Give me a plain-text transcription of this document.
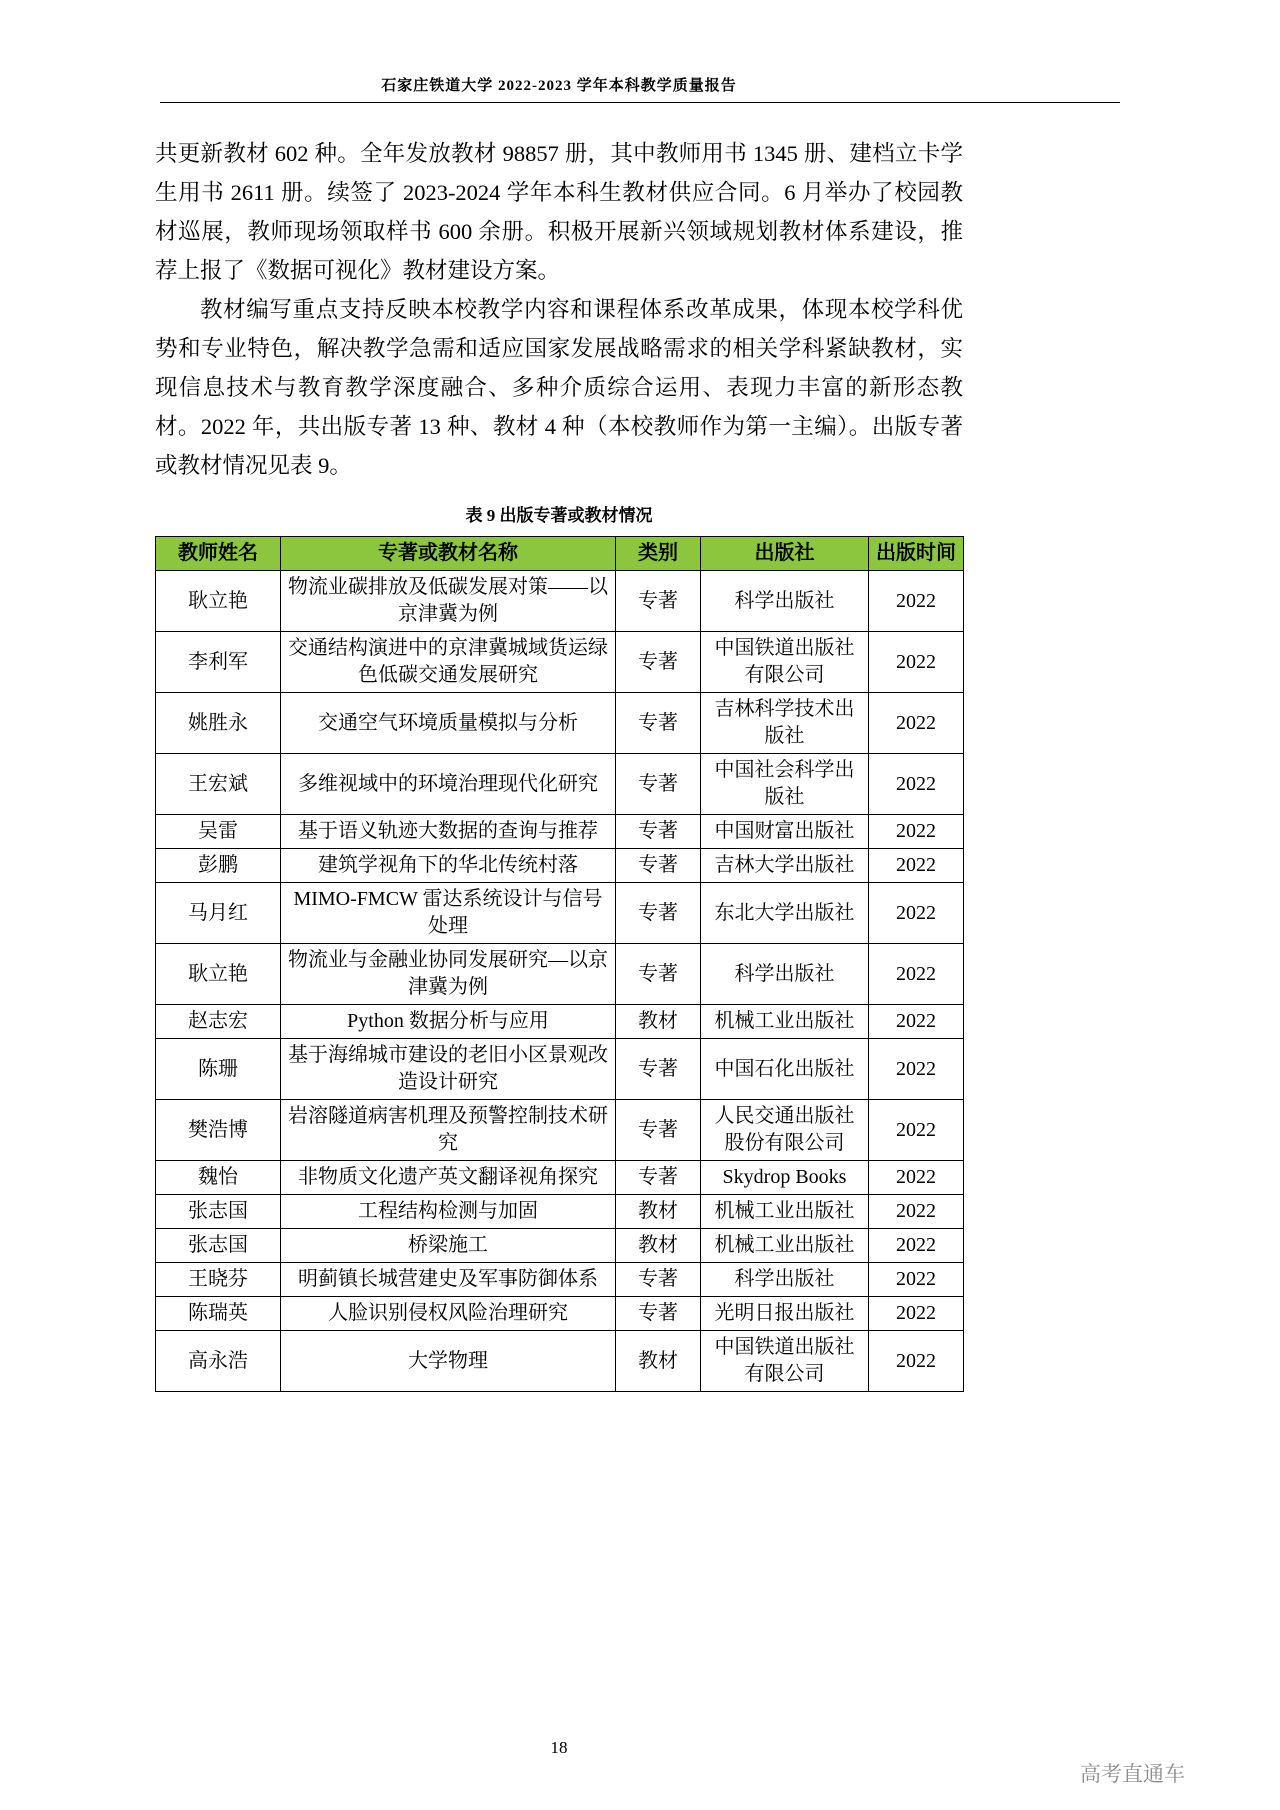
石家庄铁道大学 2022-2023 学年本科教学质量报告

共更新教材 602 种。全年发放教材 98857 册，其中教师用书 1345 册、建档立卡学生用书 2611 册。续签了 2023-2024 学年本科生教材供应合同。6 月举办了校园教材巡展，教师现场领取样书 600 余册。积极开展新兴领域规划教材体系建设，推荐上报了《数据可视化》教材建设方案。

教材编写重点支持反映本校教学内容和课程体系改革成果，体现本校学科优势和专业特色，解决教学急需和适应国家发展战略需求的相关学科紧缺教材，实现信息技术与教育教学深度融合、多种介质综合运用、表现力丰富的新形态教材。2022 年，共出版专著 13 种、教材 4 种（本校教师作为第一主编）。出版专著或教材情况见表 9。

表 9 出版专著或教材情况
教师姓名	专著或教材名称	类别	出版社	出版时间
耿立艳	物流业碳排放及低碳发展对策——以京津冀为例	专著	科学出版社	2022
李利军	交通结构演进中的京津冀城域货运绿色低碳交通发展研究	专著	中国铁道出版社有限公司	2022
姚胜永	交通空气环境质量模拟与分析	专著	吉林科学技术出版社	2022
王宏斌	多维视域中的环境治理现代化研究	专著	中国社会科学出版社	2022
吴雷	基于语义轨迹大数据的查询与推荐	专著	中国财富出版社	2022
彭鹏	建筑学视角下的华北传统村落	专著	吉林大学出版社	2022
马月红	MIMO-FMCW 雷达系统设计与信号处理	专著	东北大学出版社	2022
耿立艳	物流业与金融业协同发展研究—以京津冀为例	专著	科学出版社	2022
赵志宏	Python 数据分析与应用	教材	机械工业出版社	2022
陈珊	基于海绵城市建设的老旧小区景观改造设计研究	专著	中国石化出版社	2022
樊浩博	岩溶隧道病害机理及预警控制技术研究	专著	人民交通出版社股份有限公司	2022
魏怡	非物质文化遗产英文翻译视角探究	专著	Skydrop Books	2022
张志国	工程结构检测与加固	教材	机械工业出版社	2022
张志国	桥梁施工	教材	机械工业出版社	2022
王晓芬	明蓟镇长城营建史及军事防御体系	专著	科学出版社	2022
陈瑞英	人脸识别侵权风险治理研究	专著	光明日报出版社	2022
高永浩	大学物理	教材	中国铁道出版社有限公司	2022
18
高考直通车
